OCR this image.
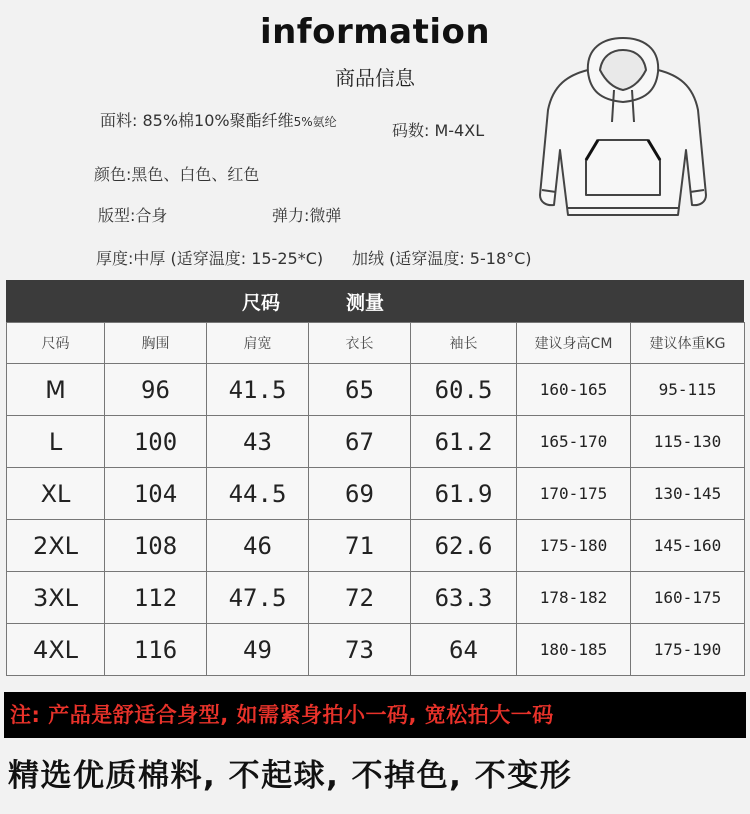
information
商品信息
面料: 85%棉10%聚酯纤维5%氨纶	码数: M-4XL
颜色:黑色、白色、红色
版型:合身	弹力:微弹
厚度:中厚 (适穿温度: 15-25*C) 加绒 (适穿温度: 5-18°C)
尺码	测量
尺码	胸围	肩宽	衣长	袖长	建议身高CM	建议体重KG
M	96	41.5	65	60.5	160-165	95-115
L	100	43	67	61.2	165-170	115-130
XL	104	44.5	69	61.9	170-175	130-145
2XL	108	46	71	62.6	175-180	145-160
3XL	112	47.5	72	63.3	178-182	160-175
4XL	116	49	73	64	180-185	175-190
注: 产品是舒适合身型, 如需紧身拍小一码, 宽松拍大一码
精选优质棉料, 不起球, 不掉色, 不变形
